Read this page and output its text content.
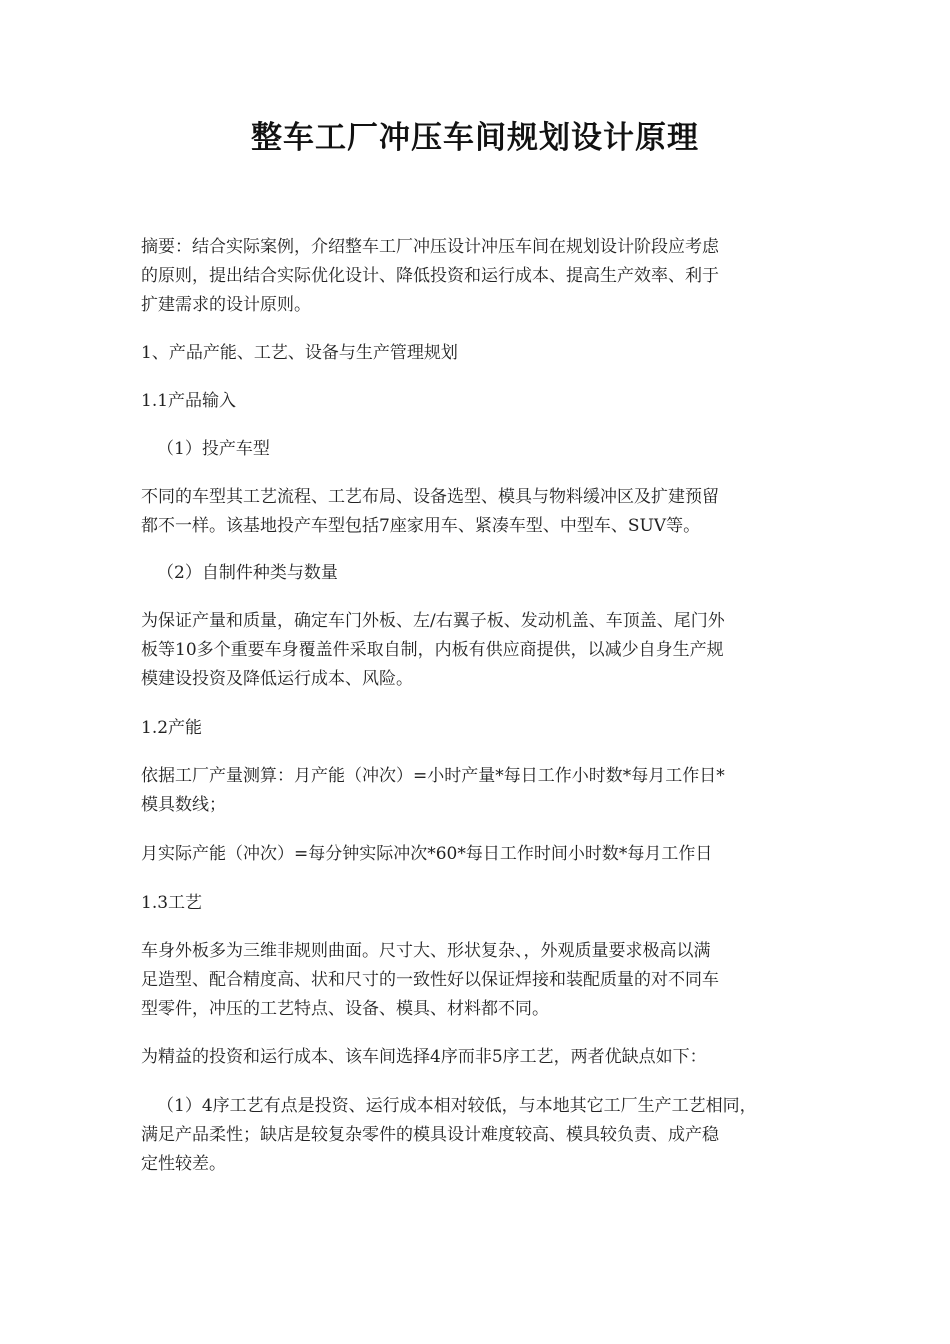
整车工厂冲压车间规划设计原理
摘要：结合实际案例，介绍整车工厂冲压设计冲压车间在规划设计阶段应考虑
的原则，提出结合实际优化设计、降低投资和运行成本、提高生产效率、利于
扩建需求的设计原则。
1、产品产能、工艺、设备与生产管理规划
1.1产品输入
（1）投产车型
不同的车型其工艺流程、工艺布局、设备选型、模具与物料缓冲区及扩建预留
都不一样。该基地投产车型包括7座家用车、紧凑车型、中型车、SUV等。
（2）自制件种类与数量
为保证产量和质量，确定车门外板、左/右翼子板、发动机盖、车顶盖、尾门外
板等10多个重要车身覆盖件采取自制，内板有供应商提供，以减少自身生产规
模建设投资及降低运行成本、风险。
1.2产能
依据工厂产量测算：月产能（冲次）=小时产量*每日工作小时数*每月工作日*
模具数线；
月实际产能（冲次）=每分钟实际冲次*60*每日工作时间小时数*每月工作日
1.3工艺
车身外板多为三维非规则曲面。尺寸大、形状复杂、，外观质量要求极高以满
足造型、配合精度高、状和尺寸的一致性好以保证焊接和装配质量的对不同车
型零件，冲压的工艺特点、设备、模具、材料都不同。
为精益的投资和运行成本、该车间选择4序而非5序工艺，两者优缺点如下：
（1）4序工艺有点是投资、运行成本相对较低，与本地其它工厂生产工艺相同，
满足产品柔性；缺店是较复杂零件的模具设计难度较高、模具较负责、成产稳
定性较差。
